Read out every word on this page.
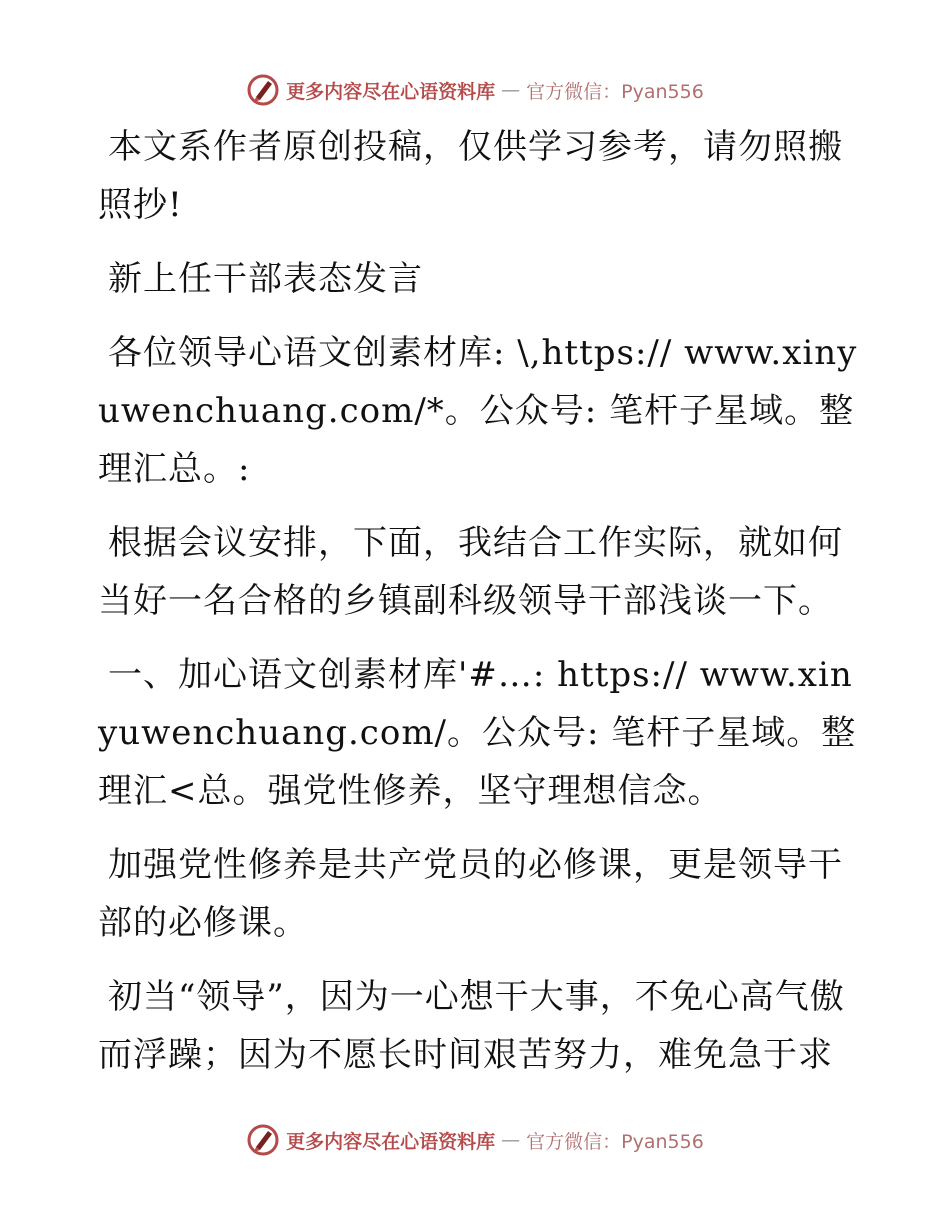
更多内容尽在心语资料库 — 官方微信：Pyan556

本文系作者原创投稿，仅供学习参考，请勿照搬照抄!

新上任干部表态发言

各位领导心语文创素材库: \,https:// www.xinyuwenchuang.com/*。公众号: 笔杆子星域。整理汇总。:

根据会议安排，下面，我结合工作实际，就如何当好一名合格的乡镇副科级领导干部浅谈一下。

一、加心语文创素材库'#…: https:// www.xinyuwenchuang.com/。公众号: 笔杆子星域。整理汇<总。强党性修养，坚守理想信念。

加强党性修养是共产党员的必修课，更是领导干部的必修课。

初当“领导”，因为一心想干大事，不免心高气傲而浮躁；因为不愿长时间艰苦努力，难免急于求

更多内容尽在心语资料库 — 官方微信：Pyan556
